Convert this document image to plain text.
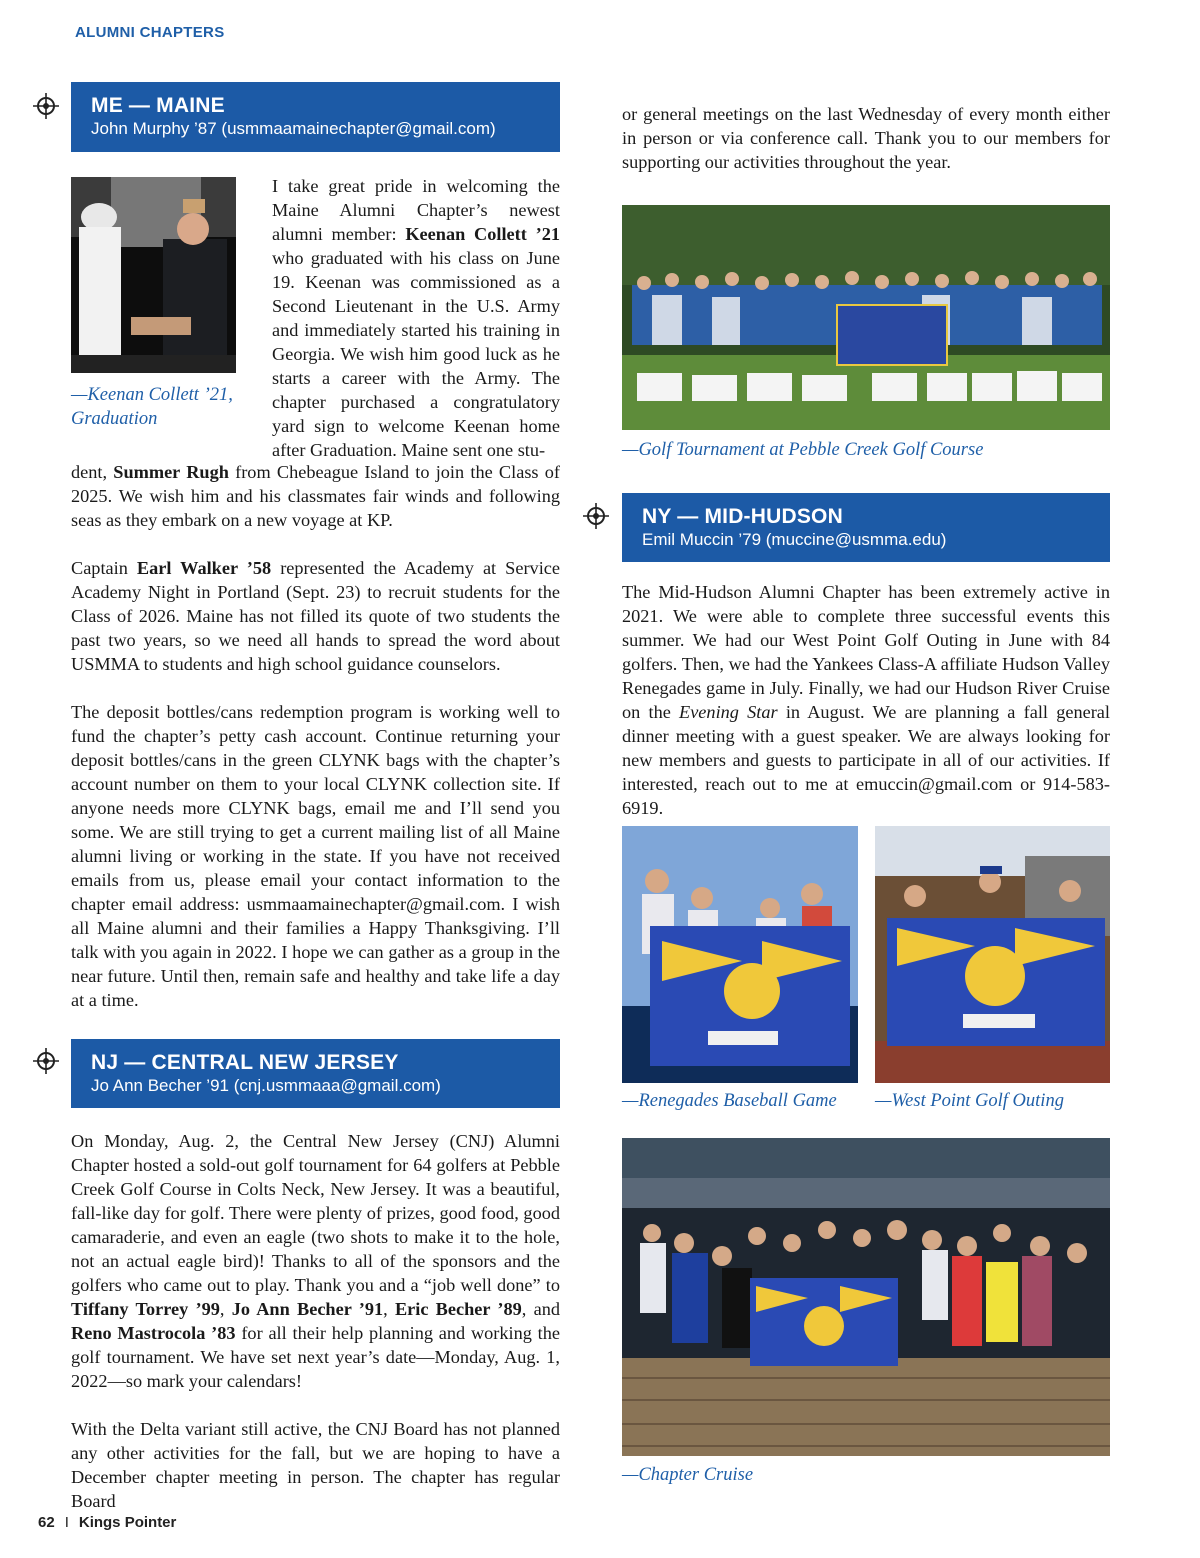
ALUMNI CHAPTERS
ME — MAINE
John Murphy ’87 (usmmaamainechapter@gmail.com)
—Keenan Collett ’21,
Graduation
I take great pride in welcoming the Maine Alumni Chapter’s newest alumni member: Keenan Collett ’21 who graduated with his class on June 19. Keenan was commissioned as a Second Lieutenant in the U.S. Army and immediately started his training in Georgia. We wish him good luck as he starts a career with the Army. The chapter purchased a congratulatory yard sign to welcome Keenan home after Graduation. Maine sent one stu-

dent, Summer Rugh from Chebeague Island to join the Class of 2025. We wish him and his classmates fair winds and following seas as they embark on a new voyage at KP.

Captain Earl Walker ’58 represented the Academy at Service Academy Night in Portland (Sept. 23) to recruit students for the Class of 2026. Maine has not filled its quote of two students the past two years, so we need all hands to spread the word about USMMA to students and high school guidance counselors.

The deposit bottles/cans redemption program is working well to fund the chapter’s petty cash account. Continue returning your deposit bottles/cans in the green CLYNK bags with the chapter’s account number on them to your local CLYNK collection site. If anyone needs more CLYNK bags, email me and I’ll send you some. We are still trying to get a current mailing list of all Maine alumni living or working in the state. If you have not received emails from us, please email your contact information to the chapter email address: usmmaamainechapter@gmail.com. I wish all Maine alumni and their families a Happy Thanksgiving. I’ll talk with you again in 2022. I hope we can gather as a group in the near future. Until then, remain safe and healthy and take life a day at a time.

NJ — CENTRAL NEW JERSEY
Jo Ann Becher ’91 (cnj.usmmaaa@gmail.com)

On Monday, Aug. 2, the Central New Jersey (CNJ) Alumni Chapter hosted a sold-out golf tournament for 64 golfers at Pebble Creek Golf Course in Colts Neck, New Jersey. It was a beautiful, fall-like day for golf. There were plenty of prizes, good food, good camaraderie, and even an eagle (two shots to make it to the hole, not an actual eagle bird)! Thanks to all of the sponsors and the golfers who came out to play. Thank you and a “job well done” to Tiffany Torrey ’99, Jo Ann Becher ’91, Eric Becher ’89, and Reno Mastrocola ’83 for all their help planning and working the golf tournament. We have set next year’s date—Monday, Aug. 1, 2022—so mark your calendars!

With the Delta variant still active, the CNJ Board has not planned any other activities for the fall, but we are hoping to have a December chapter meeting in person. The chapter has regular Board

or general meetings on the last Wednesday of every month either in person or via conference call. Thank you to our members for supporting our activities throughout the year.

—Golf Tournament at Pebble Creek Golf Course
NY — MID-HUDSON
Emil Muccin ’79 (muccine@usmma.edu)

The Mid-Hudson Alumni Chapter has been extremely active in 2021. We were able to complete three successful events this summer. We had our West Point Golf Outing in June with 84 golfers. Then, we had the Yankees Class-A affiliate Hudson Valley Renegades game in July. Finally, we had our Hudson River Cruise on the Evening Star in August. We are planning a fall general dinner meeting with a guest speaker. We are always looking for new members and guests to participate in all of our activities. If interested, reach out to me at emuccin@gmail.com or 914-583-6919.

—Renegades Baseball Game —West Point Golf Outing
—Chapter Cruise
62 I Kings Pointer
